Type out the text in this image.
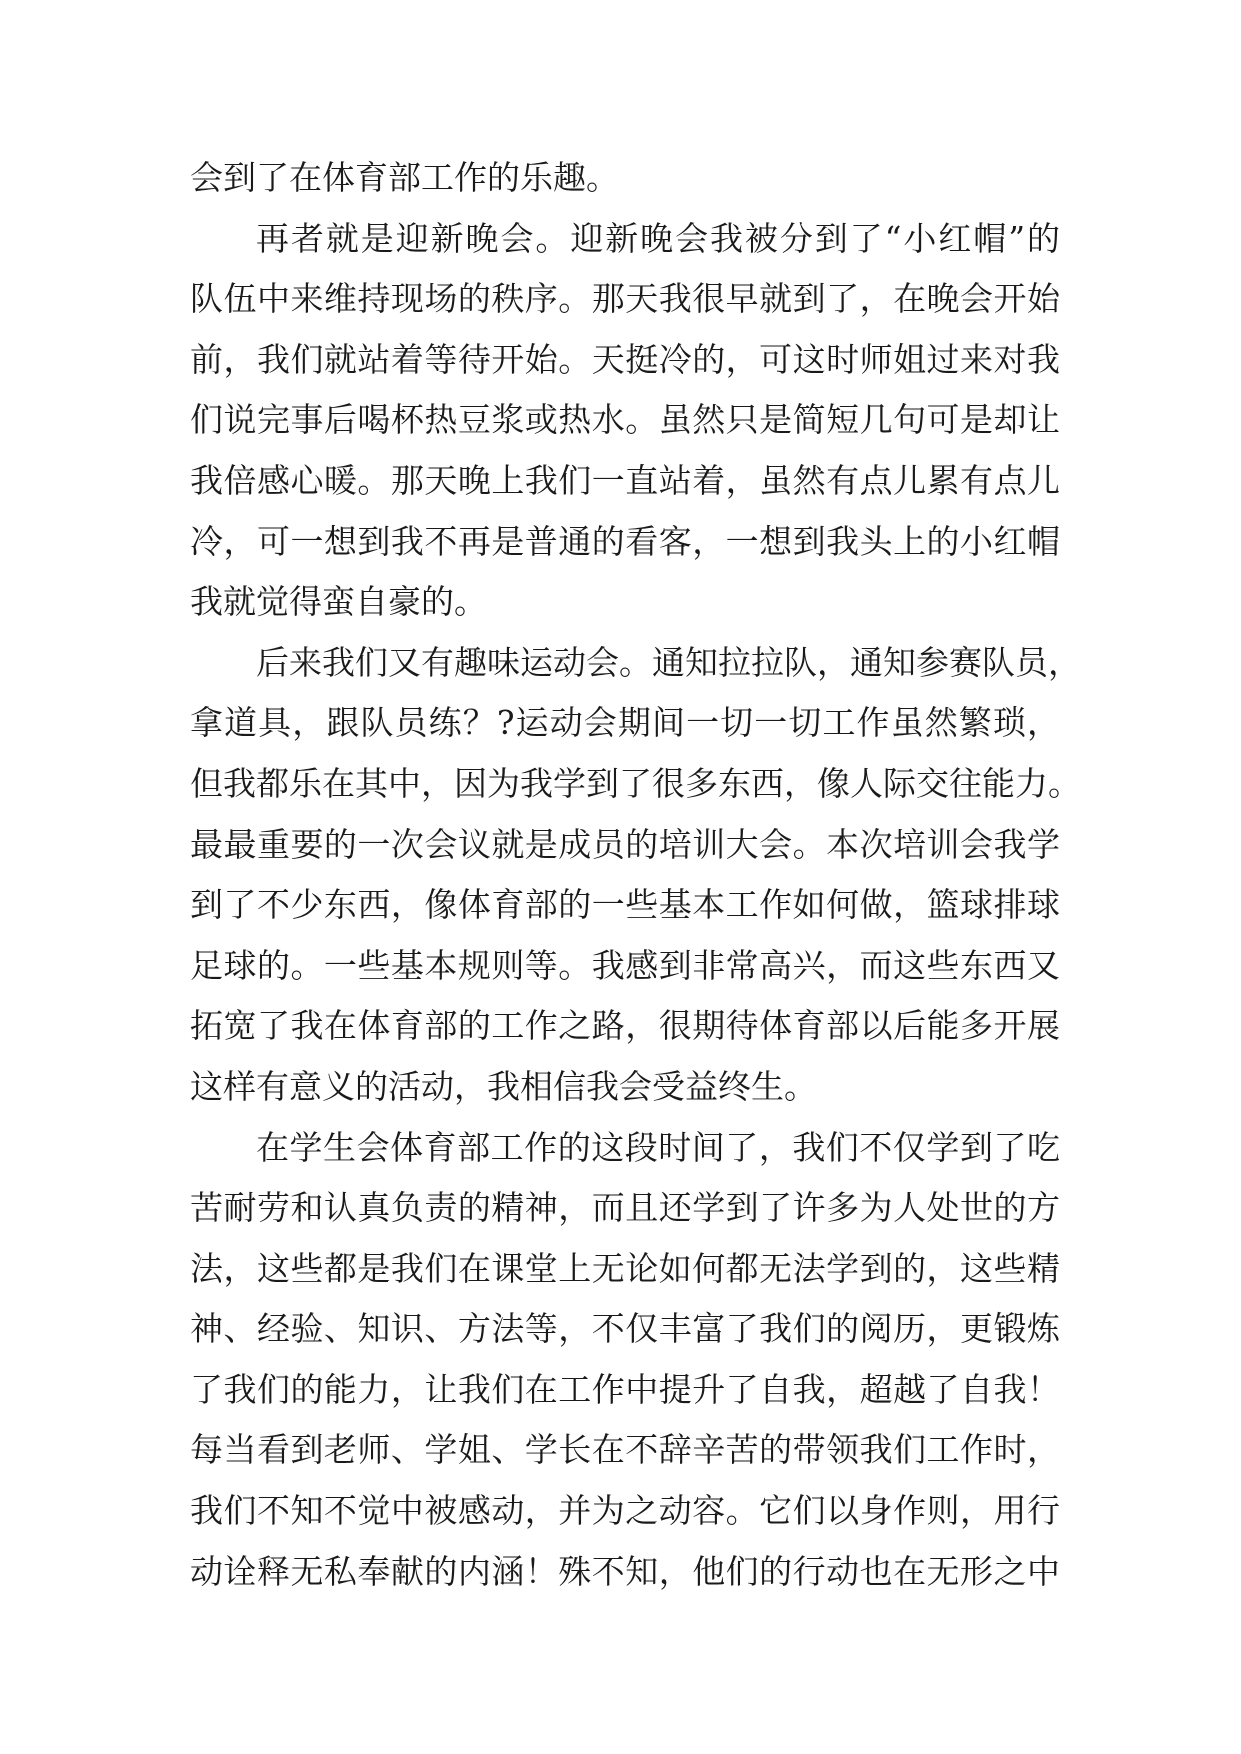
会到了在体育部工作的乐趣。
再者就是迎新晚会。迎新晚会我被分到了“小红帽”的
队伍中来维持现场的秩序。那天我很早就到了，在晚会开始
前，我们就站着等待开始。天挺冷的，可这时师姐过来对我
们说完事后喝杯热豆浆或热水。虽然只是简短几句可是却让
我倍感心暖。那天晚上我们一直站着，虽然有点儿累有点儿
冷，可一想到我不再是普通的看客，一想到我头上的小红帽
我就觉得蛮自豪的。
后来我们又有趣味运动会。通知拉拉队，通知参赛队员，
拿道具，跟队员练？?运动会期间一切一切工作虽然繁琐，
但我都乐在其中，因为我学到了很多东西，像人际交往能力。
最最重要的一次会议就是成员的培训大会。本次培训会我学
到了不少东西，像体育部的一些基本工作如何做，篮球排球
足球的。一些基本规则等。我感到非常高兴，而这些东西又
拓宽了我在体育部的工作之路，很期待体育部以后能多开展
这样有意义的活动，我相信我会受益终生。
在学生会体育部工作的这段时间了，我们不仅学到了吃
苦耐劳和认真负责的精神，而且还学到了许多为人处世的方
法，这些都是我们在课堂上无论如何都无法学到的，这些精
神、经验、知识、方法等，不仅丰富了我们的阅历，更锻炼
了我们的能力，让我们在工作中提升了自我，超越了自我！
每当看到老师、学姐、学长在不辞辛苦的带领我们工作时，
我们不知不觉中被感动，并为之动容。它们以身作则，用行
动诠释无私奉献的内涵！殊不知，他们的行动也在无形之中
